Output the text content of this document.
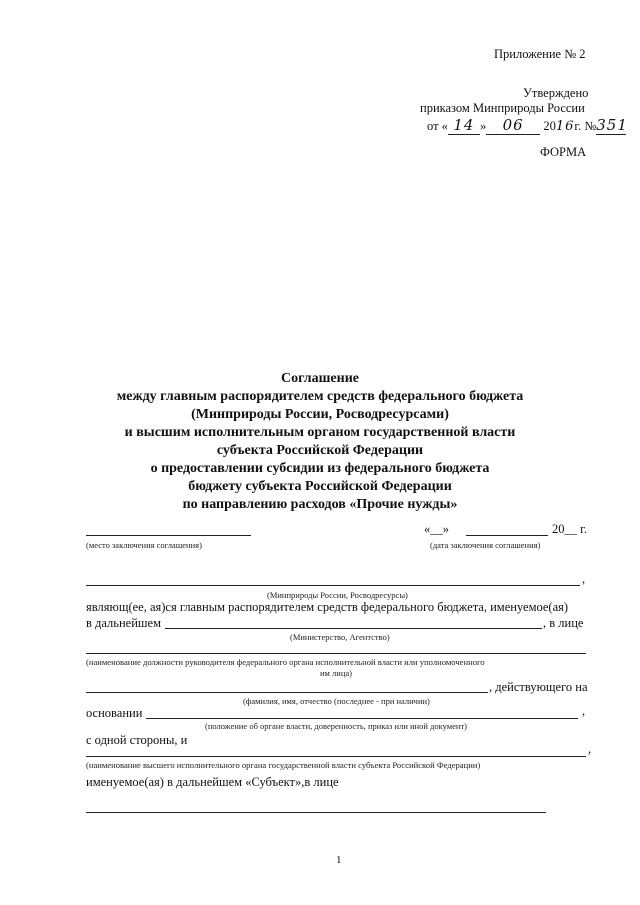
Приложение № 2
Утверждено
приказом Минприроды России
от « 14 » 06 2016г. №351
ФОРМА
Соглашение
между главным распорядителем средств федерального бюджета
(Минприроды России, Росводресурсами)
и высшим исполнительным органом государственной власти
субъекта Российской Федерации
о предоставлении субсидии из федерального бюджета
бюджету субъекта Российской Федерации
по направлению расходов «Прочие нужды»
(место заключения соглашения)
«__»	20__ г.
(дата заключения соглашения)
,
(Минприроды России, Росводресурсы)
являющ(ее, ая)ся главным распорядителем средств федерального бюджета, именуемое(ая)
в дальнейшем	, в лице
(Министерство, Агентство)
(наименование должности руководителя федерального органа исполнительной власти или уполномоченного
им лица)
, действующего на
(фамилия, имя, отчество (последнее - при наличии)
основании	,
(положение об органе власти, доверенность, приказ или иной документ)
с одной стороны, и
,
(наименование высшего исполнительного органа государственной власти субъекта Российской Федерации)
именуемое(ая) в дальнейшем «Субъект»,в лице
1
